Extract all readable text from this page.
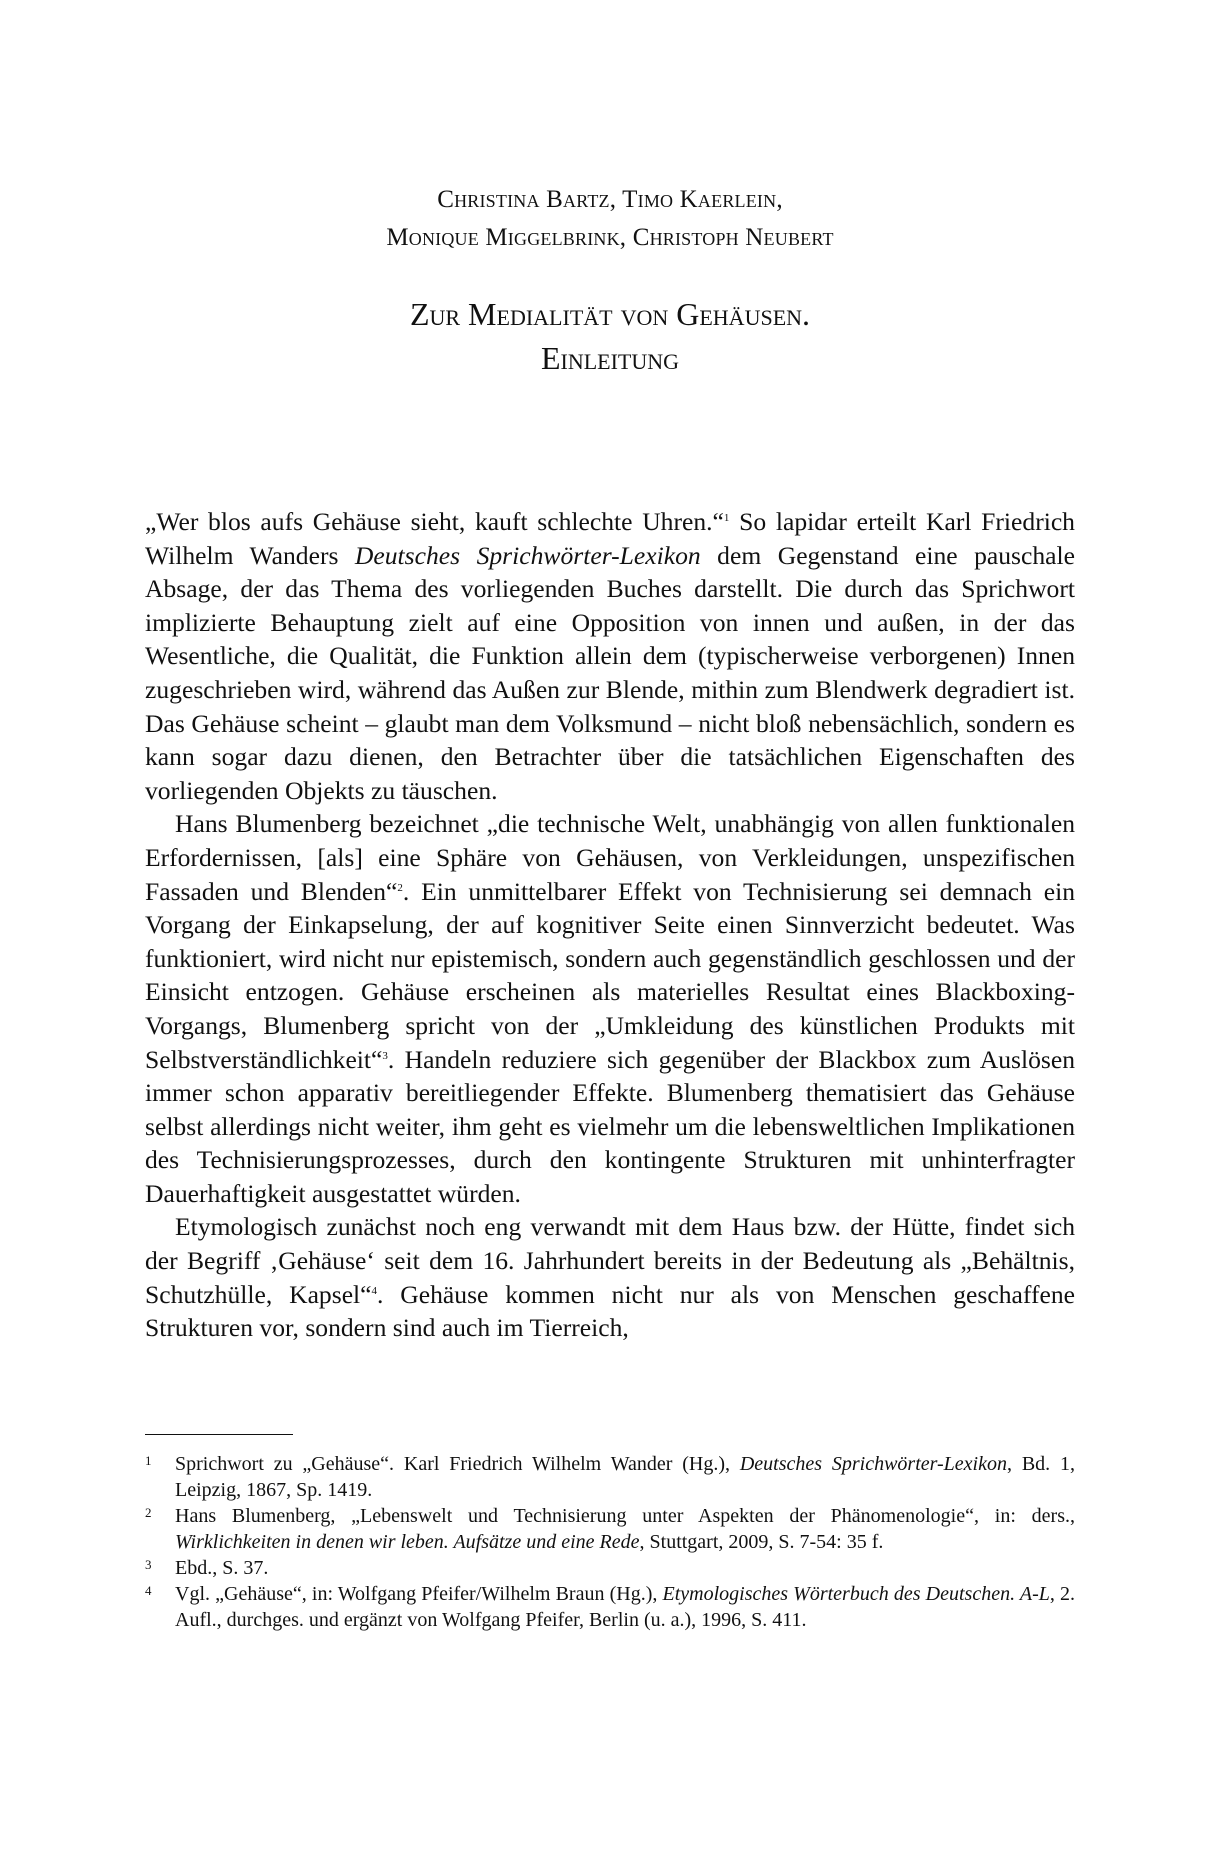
Christina Bartz, Timo Kaerlein,
Monique Miggelbrink, Christoph Neubert
Zur Medialität von Gehäusen.
Einleitung

„Wer blos aufs Gehäuse sieht, kauft schlechte Uhren.“$^1$ So lapidar erteilt Karl Friedrich Wilhelm Wanders Deutsches Sprichwörter-Lexikon dem Gegenstand eine pauschale Absage, der das Thema des vorliegenden Buches darstellt. Die durch das Sprichwort implizierte Behauptung zielt auf eine Opposition von innen und außen, in der das Wesentliche, die Qualität, die Funktion allein dem (typischerweise verborgenen) Innen zugeschrieben wird, während das Außen zur Blende, mithin zum Blendwerk degradiert ist. Das Gehäuse scheint – glaubt man dem Volksmund – nicht bloß nebensächlich, sondern es kann sogar dazu dienen, den Betrachter über die tatsächlichen Eigenschaften des vorliegenden Objekts zu täuschen.

Hans Blumenberg bezeichnet „die technische Welt, unabhängig von allen funktionalen Erfordernissen, [als] eine Sphäre von Gehäusen, von Verkleidungen, unspezifischen Fassaden und Blenden“$^2$. Ein unmittelbarer Effekt von Technisierung sei demnach ein Vorgang der Einkapselung, der auf kognitiver Seite einen Sinnverzicht bedeutet. Was funktioniert, wird nicht nur epistemisch, sondern auch gegenständlich geschlossen und der Einsicht entzogen. Gehäuse erscheinen als materielles Resultat eines Blackboxing-Vorgangs, Blumenberg spricht von der „Umkleidung des künstlichen Produkts mit Selbstverständlichkeit“$^3$. Handeln reduziere sich gegenüber der Blackbox zum Auslösen immer schon apparativ bereitliegender Effekte. Blumenberg thematisiert das Gehäuse selbst allerdings nicht weiter, ihm geht es vielmehr um die lebensweltlichen Implikationen des Technisierungsprozesses, durch den kontingente Strukturen mit unhinterfragter Dauerhaftigkeit ausgestattet würden.

Etymologisch zunächst noch eng verwandt mit dem Haus bzw. der Hütte, findet sich der Begriff ‚Gehäuse‘ seit dem 16. Jahrhundert bereits in der Bedeutung als „Behältnis, Schutzhülle, Kapsel“$^4$. Gehäuse kommen nicht nur als von Menschen geschaffene Strukturen vor, sondern sind auch im Tierreich,

1 Sprichwort zu „Gehäuse“. Karl Friedrich Wilhelm Wander (Hg.), Deutsches Sprichwörter-Lexikon, Bd. 1, Leipzig, 1867, Sp. 1419.

2 Hans Blumenberg, „Lebenswelt und Technisierung unter Aspekten der Phänomenologie“, in: ders., Wirklichkeiten in denen wir leben. Aufsätze und eine Rede, Stuttgart, 2009, S. 7-54: 35 f.

3 Ebd., S. 37.

4 Vgl. „Gehäuse“, in: Wolfgang Pfeifer/Wilhelm Braun (Hg.), Etymologisches Wörterbuch des Deutschen. A-L, 2. Aufl., durchges. und ergänzt von Wolfgang Pfeifer, Berlin (u. a.), 1996, S. 411.
